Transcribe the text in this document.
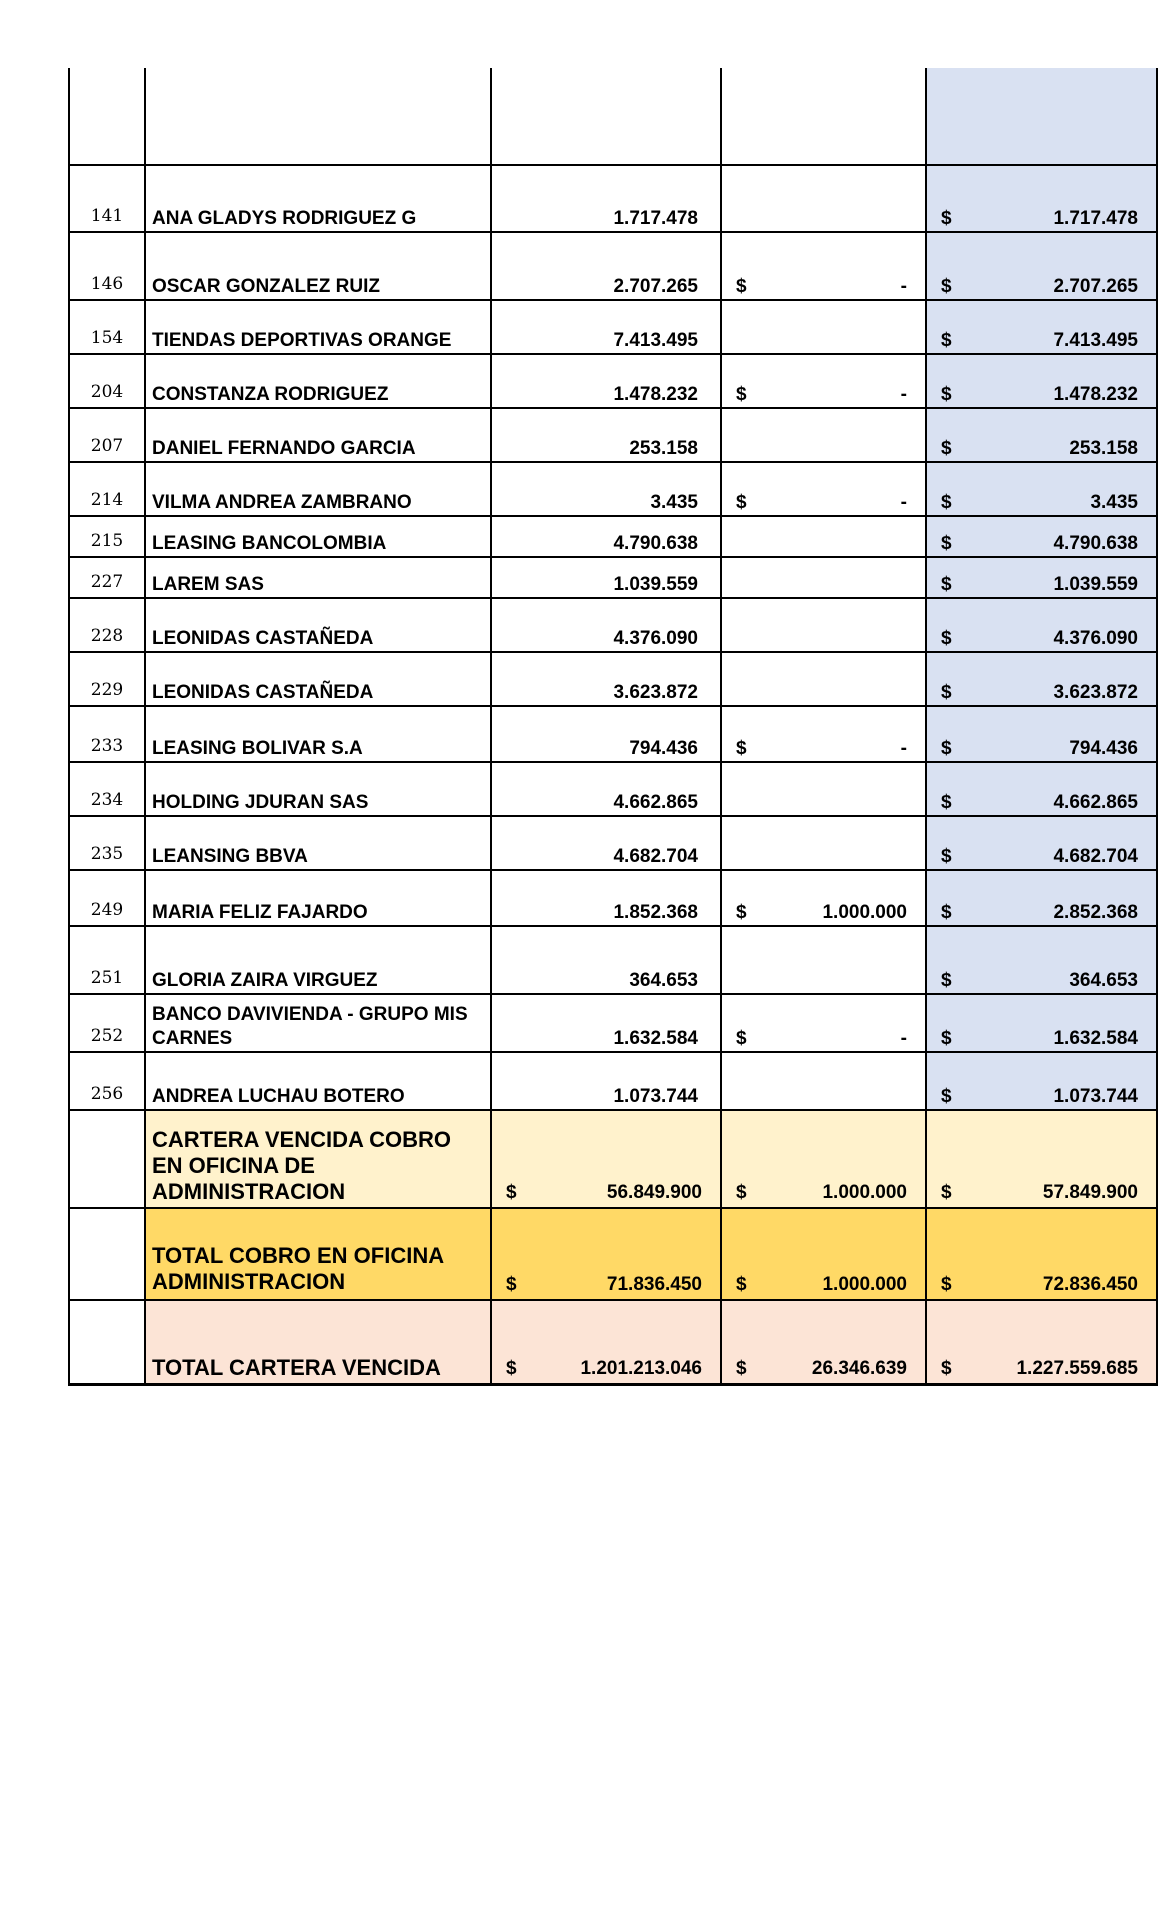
141	ANA GLADYS RODRIGUEZ G	1.717.478		$ 1.717.478

146	OSCAR GONZALEZ RUIZ	2.707.265	$ -	$ 2.707.265

154	TIENDAS DEPORTIVAS ORANGE	7.413.495		$ 7.413.495

204	CONSTANZA RODRIGUEZ	1.478.232	$ -	$ 1.478.232

207	DANIEL FERNANDO GARCIA	253.158		$ 253.158

214	VILMA ANDREA ZAMBRANO	3.435	$ -	$ 3.435

215	LEASING BANCOLOMBIA	4.790.638		$ 4.790.638

227	LAREM SAS	1.039.559		$ 1.039.559

228	LEONIDAS CASTAÑEDA	4.376.090		$ 4.376.090

229	LEONIDAS CASTAÑEDA	3.623.872		$ 3.623.872

233	LEASING BOLIVAR S.A	794.436	$ -	$ 794.436

234	HOLDING JDURAN SAS	4.662.865		$ 4.662.865

235	LEANSING BBVA	4.682.704		$ 4.682.704

249	MARIA FELIZ FAJARDO	1.852.368	$ 1.000.000	$ 2.852.368

251	GLORIA ZAIRA VIRGUEZ	364.653		$ 364.653

252	BANCO DAVIVIENDA - GRUPO MIS CARNES	1.632.584	$ -	$ 1.632.584

256	ANDREA LUCHAU BOTERO	1.073.744		$ 1.073.744

	CARTERA VENCIDA COBRO EN OFICINA DE ADMINISTRACION	$ 56.849.900	$ 1.000.000	$ 57.849.900

	TOTAL COBRO EN OFICINA ADMINISTRACION	$ 71.836.450	$ 1.000.000	$ 72.836.450

	TOTAL CARTERA VENCIDA	$ 1.201.213.046	$ 26.346.639	$ 1.227.559.685
